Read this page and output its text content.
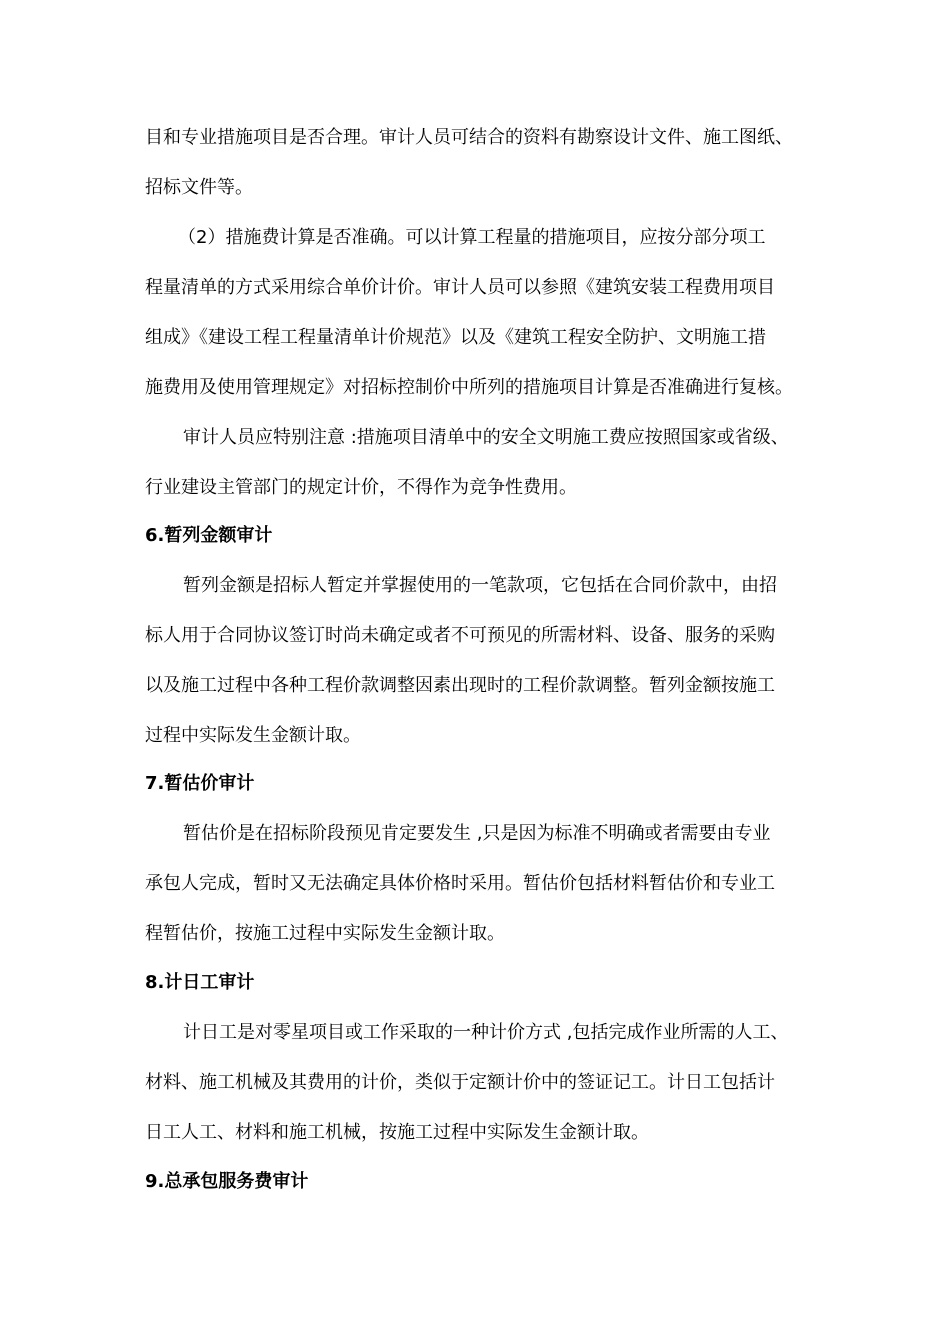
目和专业措施项目是否合理。审计人员可结合的资料有勘察设计文件、施工图纸、
招标文件等。
（2）措施费计算是否准确。可以计算工程量的措施项目，应按分部分项工
程量清单的方式采用综合单价计价。审计人员可以参照《建筑安装工程费用项目
组成》《建设工程工程量清单计价规范》以及《建筑工程安全防护、文明施工措
施费用及使用管理规定》对招标控制价中所列的措施项目计算是否准确进行复核。
审计人员应特别注意 :措施项目清单中的安全文明施工费应按照国家或省级、
行业建设主管部门的规定计价，不得作为竞争性费用。
6.暂列金额审计
暂列金额是招标人暂定并掌握使用的一笔款项，它包括在合同价款中，由招
标人用于合同协议签订时尚未确定或者不可预见的所需材料、设备、服务的采购
以及施工过程中各种工程价款调整因素出现时的工程价款调整。暂列金额按施工
过程中实际发生金额计取。
7.暂估价审计
暂估价是在招标阶段预见肯定要发生 ,只是因为标准不明确或者需要由专业
承包人完成，暂时又无法确定具体价格时采用。暂估价包括材料暂估价和专业工
程暂估价，按施工过程中实际发生金额计取。
8.计日工审计
计日工是对零星项目或工作采取的一种计价方式 ,包括完成作业所需的人工、
材料、施工机械及其费用的计价，类似于定额计价中的签证记工。计日工包括计
日工人工、材料和施工机械，按施工过程中实际发生金额计取。
9.总承包服务费审计
